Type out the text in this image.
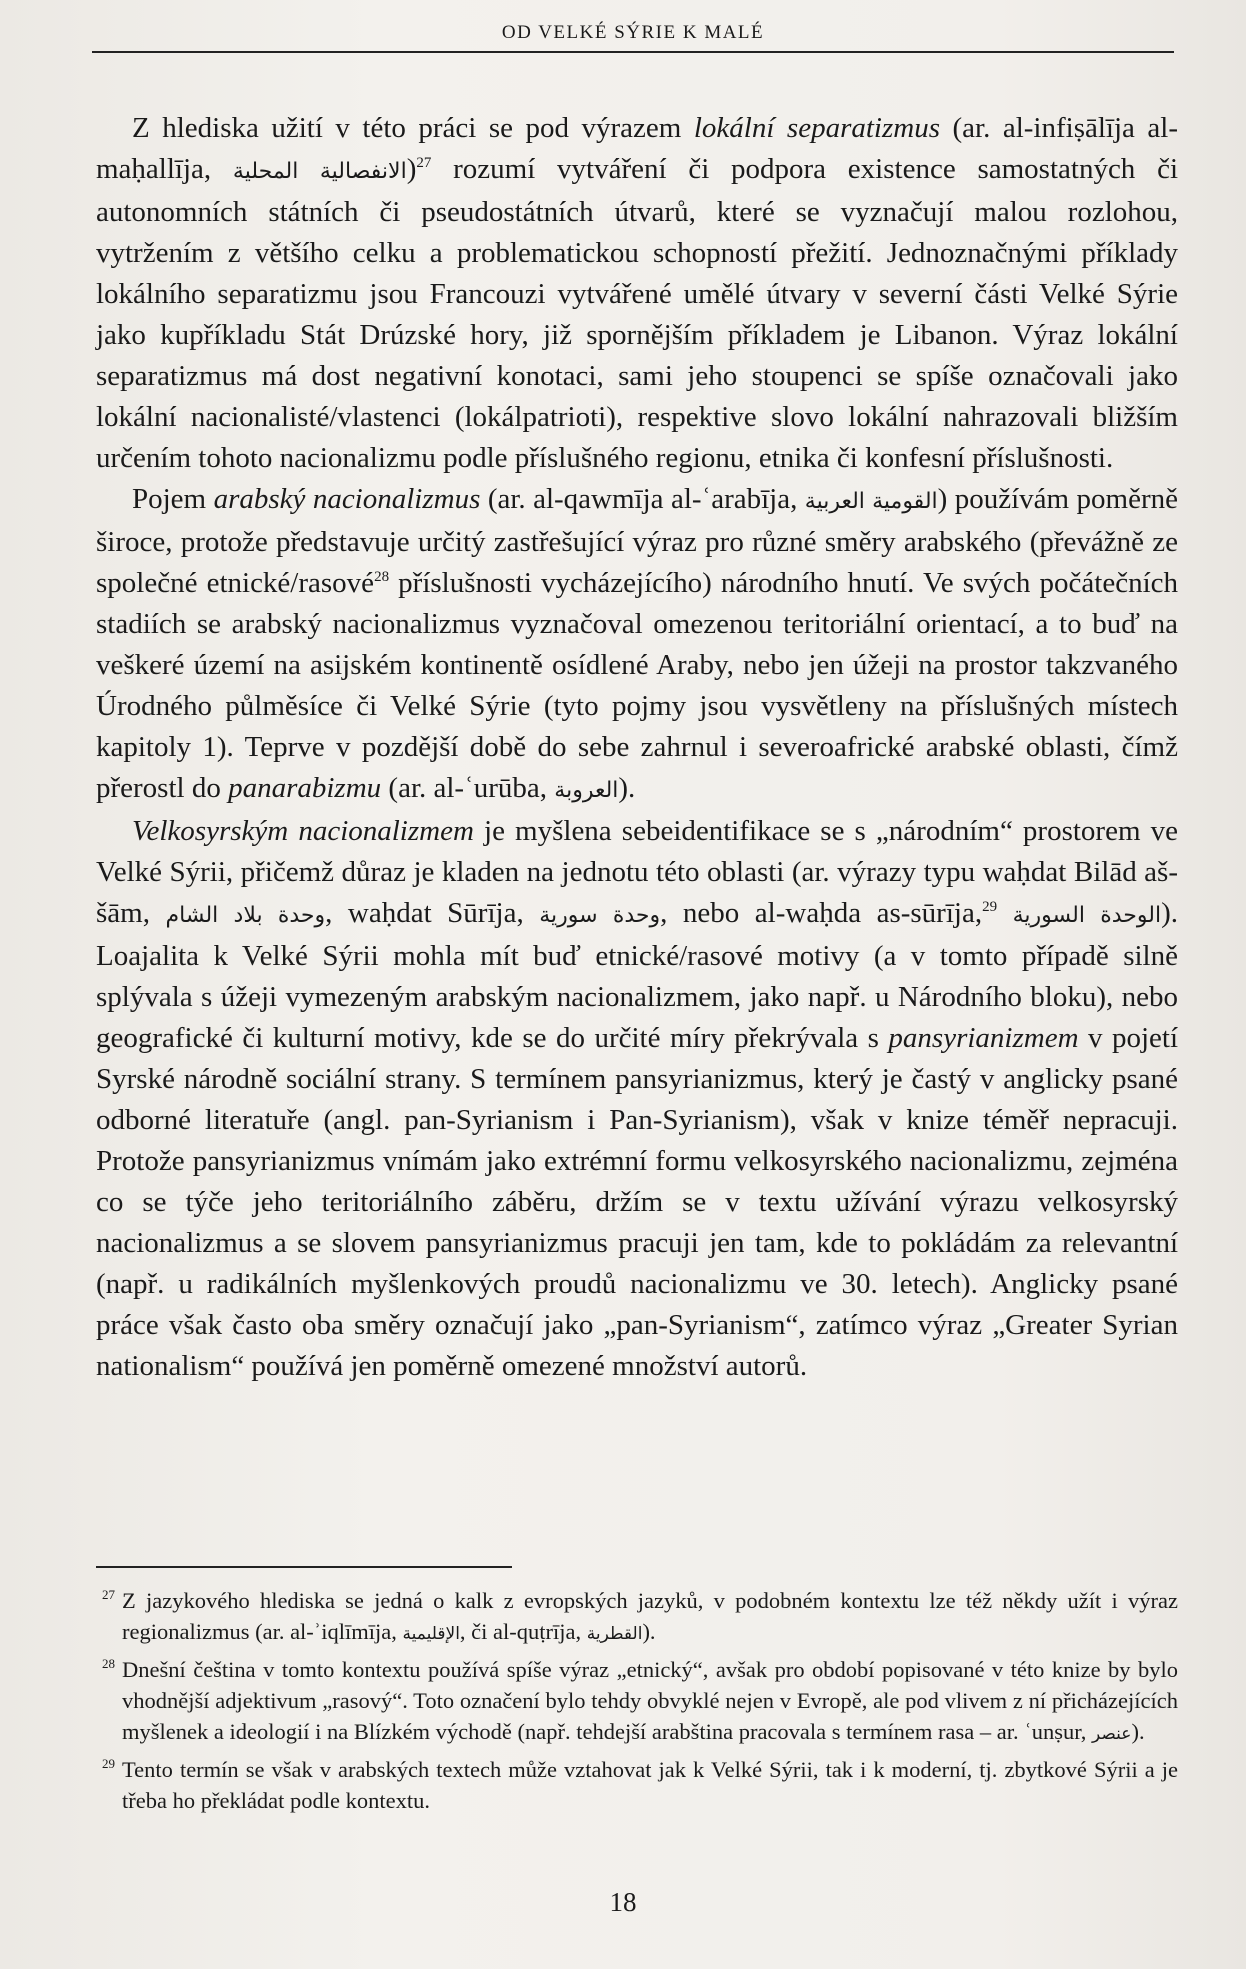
OD VELKÉ SÝRIE K MALÉ

Z hlediska užití v této práci se pod výrazem lokální separatizmus (ar. al-infiṣālīja al-maḥallīja, الانفصالية المحلية)$^{27}$ rozumí vytváření či podpora existence samostatných či autonomních státních či pseudostátních útvarů, které se vyznačují malou rozlohou, vytržením z většího celku a problematickou schopností přežití. Jednoznačnými příklady lokálního separatizmu jsou Francouzi vytvářené umělé útvary v severní části Velké Sýrie jako kupříkladu Stát Drúzské hory, již spornějším příkladem je Libanon. Výraz lokální separatizmus má dost negativní konotaci, sami jeho stoupenci se spíše označovali jako lokální nacionalisté/vlastenci (lokálpatrioti), respektive slovo lokální nahrazovali bližším určením tohoto nacionalizmu podle příslušného regionu, etnika či konfesní příslušnosti.

Pojem arabský nacionalizmus (ar. al-qawmīja al-ʿarabīja, القومية العربية) používám poměrně široce, protože představuje určitý zastřešující výraz pro různé směry arabského (převážně ze společné etnické/rasové$^{28}$ příslušnosti vycházejícího) národního hnutí. Ve svých počátečních stadiích se arabský nacionalizmus vyznačoval omezenou teritoriální orientací, a to buď na veškeré území na asijském kontinentě osídlené Araby, nebo jen úžeji na prostor takzvaného Úrodného půlměsíce či Velké Sýrie (tyto pojmy jsou vysvětleny na příslušných místech kapitoly 1). Teprve v pozdější době do sebe zahrnul i severoafrické arabské oblasti, čímž přerostl do panarabizmu (ar. al-ʿurūba, العروبة).

Velkosyrským nacionalizmem je myšlena sebeidentifikace se s „národním“ prostorem ve Velké Sýrii, přičemž důraz je kladen na jednotu této oblasti (ar. výrazy typu waḥdat Bilād aš-šām, وحدة بلاد الشام, waḥdat Sūrīja, وحدة سورية, nebo al-waḥda as-sūrīja,$^{29}$ الوحدة السورية). Loajalita k Velké Sýrii mohla mít buď etnické/rasové motivy (a v tomto případě silně splývala s úžeji vymezeným arabským nacionalizmem, jako např. u Národního bloku), nebo geografické či kulturní motivy, kde se do určité míry překrývala s pansyrianizmem v pojetí Syrské národně sociální strany. S termínem pansyrianizmus, který je častý v anglicky psané odborné literatuře (angl. pan-Syrianism i Pan-Syrianism), však v knize téměř nepracuji. Protože pansyrianizmus vnímám jako extrémní formu velkosyrského nacionalizmu, zejména co se týče jeho teritoriálního záběru, držím se v textu užívání výrazu velkosyrský nacionalizmus a se slovem pansyrianizmus pracuji jen tam, kde to pokládám za relevantní (např. u radikálních myšlenkových proudů nacionalizmu ve 30. letech). Anglicky psané práce však často oba směry označují jako „pan-Syrianism“, zatímco výraz „Greater Syrian nationalism“ používá jen poměrně omezené množství autorů.

27 Z jazykového hlediska se jedná o kalk z evropských jazyků, v podobném kontextu lze též někdy užít i výraz regionalizmus (ar. al-ʾiqlīmīja, الإقليمية, či al-quṭrīja, القطرية).
28 Dnešní čeština v tomto kontextu používá spíše výraz „etnický“, avšak pro období popisované v této knize by bylo vhodnější adjektivum „rasový“. Toto označení bylo tehdy obvyklé nejen v Evropě, ale pod vlivem z ní přicházejících myšlenek a ideologií i na Blízkém východě (např. tehdejší arabština pracovala s termínem rasa – ar. ʿunṣur, عنصر).
29 Tento termín se však v arabských textech může vztahovat jak k Velké Sýrii, tak i k moderní, tj. zbytkové Sýrii a je třeba ho překládat podle kontextu.
18
